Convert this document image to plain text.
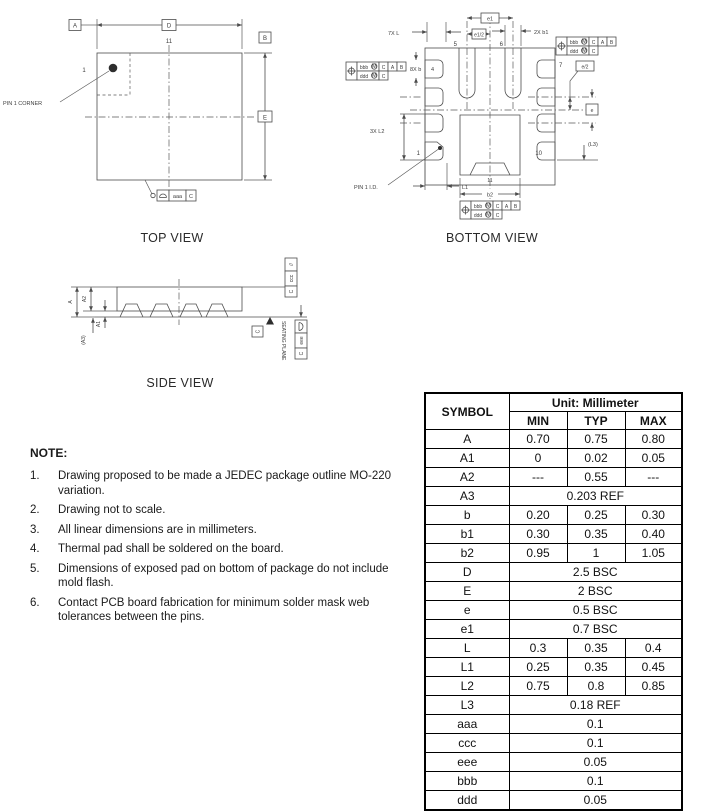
D
A
11
E
B
1
PIN 1 CORNER
aaa C
TOP VIEW
e1
e1/2
7X L	2X b1
bbb M C A B
ddd M C
bbb M C A B
ddd M C
bbb M C A B
ddd M C
8X b 4
5	6
7
10
1
e/2
e
(L3)
3X L2
PIN 1 I.D.	L1
11
b2
BOTTOM VIEW
A A2
A1
(A3)
C
//
ccc
C
eee
C
SEATING PLANE
SIDE VIEW
NOTE:
1.	Drawing proposed to be made a JEDEC package outline MO-220 variation.
2.	Drawing not to scale.
3.	All linear dimensions are in millimeters.
4.	Thermal pad shall be soldered on the board.
5.	Dimensions of exposed pad on bottom of package do not include mold flash.
6.	Contact PCB board fabrication for minimum solder mask web tolerances between the pins.
SYMBOL	Unit: Millimeter		
	MIN	TYP	MAX
A	0.70	0.75	0.80
A1	0	0.02	0.05
A2	---	0.55	---
A3	0.203 REF		
b	0.20	0.25	0.30
b1	0.30	0.35	0.40
b2	0.95	1	1.05
D	2.5 BSC		
E	2 BSC		
e	0.5 BSC		
e1	0.7 BSC		
L	0.3	0.35	0.4
L1	0.25	0.35	0.45
L2	0.75	0.8	0.85
L3	0.18 REF		
aaa	0.1		
ccc	0.1		
eee	0.05		
bbb	0.1		
ddd	0.05		
